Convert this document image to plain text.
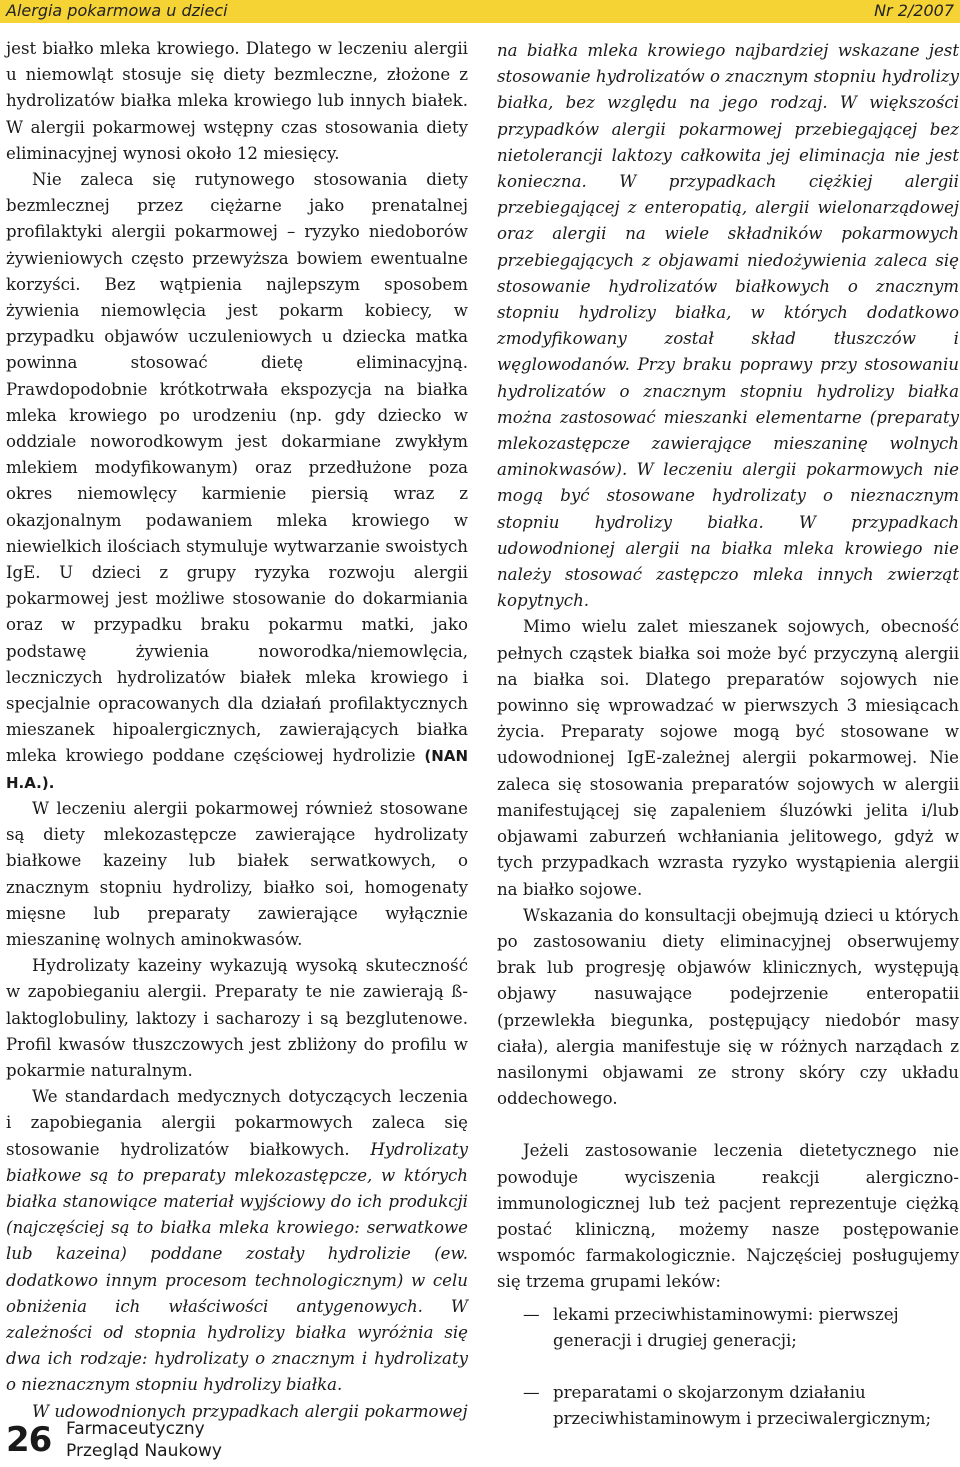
Alergia pokarmowa u dzieci	Nr 2/2007

jest białko mleka krowiego. Dlatego w leczeniu alergii u niemowląt stosuje się diety bezmleczne, złożone z hydrolizatów białka mleka krowiego lub innych białek. W alergii pokarmowej wstępny czas stosowania diety eliminacyjnej wynosi około 12 miesięcy.

Nie zaleca się rutynowego stosowania diety bezmlecznej przez ciężarne jako prenatalnej profilaktyki alergii pokarmowej – ryzyko niedoborów żywieniowych często przewyższa bowiem ewentualne korzyści. Bez wątpienia najlepszym sposobem żywienia niemowlęcia jest pokarm kobiecy, w przypadku objawów uczuleniowych u dziecka matka powinna stosować dietę eliminacyjną. Prawdopodobnie krótkotrwała ekspozycja na białka mleka krowiego po urodzeniu (np. gdy dziecko w oddziale noworodkowym jest dokarmiane zwykłym mlekiem modyfikowanym) oraz przedłużone poza okres niemowlęcy karmienie piersią wraz z okazjonalnym podawaniem mleka krowiego w niewielkich ilościach stymuluje wytwarzanie swoistych IgE. U dzieci z grupy ryzyka rozwoju alergii pokarmowej jest możliwe stosowanie do dokarmiania oraz w przypadku braku pokarmu matki, jako podstawę żywienia noworodka/niemowlęcia, leczniczych hydrolizatów białek mleka krowiego i specjalnie opracowanych dla działań profilaktycznych mieszanek hipoalergicznych, zawierających białka mleka krowiego poddane częściowej hydrolizie (NAN H.A.).

W leczeniu alergii pokarmowej również stosowane są diety mlekozastępcze zawierające hydrolizaty białkowe kazeiny lub białek serwatkowych, o znacznym stopniu hydrolizy, białko soi, homogenaty mięsne lub preparaty zawierające wyłącznie mieszaninę wolnych aminokwasów.

Hydrolizaty kazeiny wykazują wysoką skuteczność w zapobieganiu alergii. Preparaty te nie zawierają ß-laktoglobuliny, laktozy i sacharozy i są bezglutenowe. Profil kwasów tłuszczowych jest zbliżony do profilu w pokarmie naturalnym.

We standardach medycznych dotyczących leczenia i zapobiegania alergii pokarmowych zaleca się stosowanie hydrolizatów białkowych. Hydrolizaty białkowe są to preparaty mlekozastępcze, w których białka stanowiące materiał wyjściowy do ich produkcji (najczęściej są to białka mleka krowiego: serwatkowe lub kazeina) poddane zostały hydrolizie (ew. dodatkowo innym procesom technologicznym) w celu obniżenia ich właściwości antygenowych. W zależności od stopnia hydrolizy białka wyróżnia się dwa ich rodzaje: hydrolizaty o znacznym i hydrolizaty o nieznacznym stopniu hydrolizy białka.

W udowodnionych przypadkach alergii pokarmowej

na białka mleka krowiego najbardziej wskazane jest stosowanie hydrolizatów o znacznym stopniu hydrolizy białka, bez względu na jego rodzaj. W większości przypadków alergii pokarmowej przebiegającej bez nietolerancji laktozy całkowita jej eliminacja nie jest konieczna. W przypadkach ciężkiej alergii przebiegającej z enteropatią, alergii wielonarządowej oraz alergii na wiele składników pokarmowych przebiegających z objawami niedożywienia zaleca się stosowanie hydrolizatów białkowych o znacznym stopniu hydrolizy białka, w których dodatkowo zmodyfikowany został skład tłuszczów i węglowodanów. Przy braku poprawy przy stosowaniu hydrolizatów o znacznym stopniu hydrolizy białka można zastosować mieszanki elementarne (preparaty mlekozastępcze zawierające mieszaninę wolnych aminokwasów). W leczeniu alergii pokarmowych nie mogą być stosowane hydrolizaty o nieznacznym stopniu hydrolizy białka. W przypadkach udowodnionej alergii na białka mleka krowiego nie należy stosować zastępczo mleka innych zwierząt kopytnych.

Mimo wielu zalet mieszanek sojowych, obecność pełnych cząstek białka soi może być przyczyną alergii na białka soi. Dlatego preparatów sojowych nie powinno się wprowadzać w pierwszych 3 miesiącach życia. Preparaty sojowe mogą być stosowane w udowodnionej IgE-zależnej alergii pokarmowej. Nie zaleca się stosowania preparatów sojowych w alergii manifestującej się zapaleniem śluzówki jelita i/lub objawami zaburzeń wchłaniania jelitowego, gdyż w tych przypadkach wzrasta ryzyko wystąpienia alergii na białko sojowe.

Wskazania do konsultacji obejmują dzieci u których po zastosowaniu diety eliminacyjnej obserwujemy brak lub progresję objawów klinicznych, występują objawy nasuwające podejrzenie enteropatii (przewlekła biegunka, postępujący niedobór masy ciała), alergia manifestuje się w różnych narządach z nasilonymi objawami ze strony skóry czy układu oddechowego.

Jeżeli zastosowanie leczenia dietetycznego nie powoduje wyciszenia reakcji alergiczno-immunologicznej lub też pacjent reprezentuje ciężką postać kliniczną, możemy nasze postępowanie wspomóc farmakologicznie. Najczęściej posługujemy się trzema grupami leków:

— lekami przeciwhistaminowymi: pierwszej generacji i drugiej generacji;
— preparatami o skojarzonym działaniu przeciwhistaminowym i przeciwalergicznym;
26 Farmaceutyczny
Przegląd Naukowy
